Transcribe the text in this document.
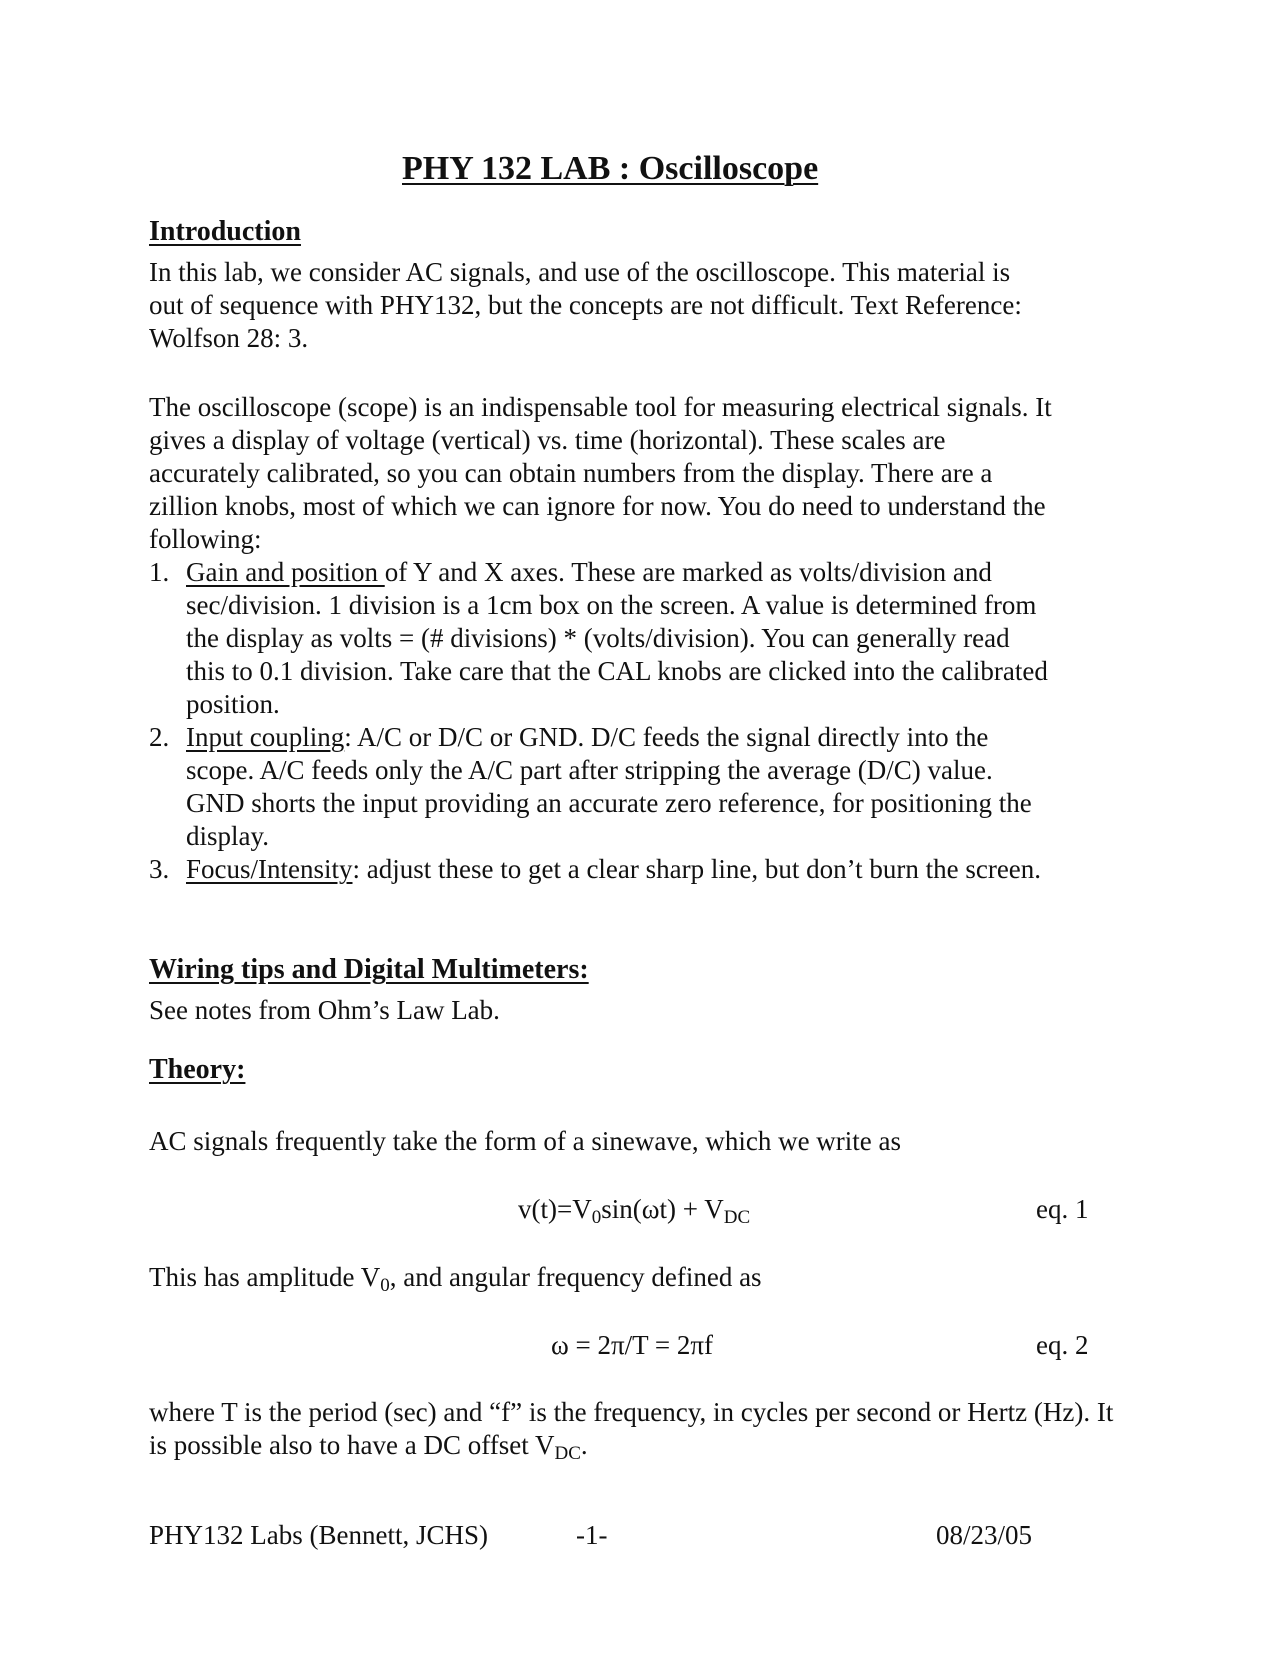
PHY 132 LAB : Oscilloscope
Introduction
In this lab, we consider AC signals, and use of the oscilloscope. This material is
out of sequence with PHY132, but the concepts are not difficult. Text Reference:
Wolfson 28: 3.
The oscilloscope (scope) is an indispensable tool for measuring electrical signals. It
gives a display of voltage (vertical) vs. time (horizontal). These scales are
accurately calibrated, so you can obtain numbers from the display. There are a
zillion knobs, most of which we can ignore for now. You do need to understand the
following:
1. Gain and position of Y and X axes. These are marked as volts/division and
sec/division. 1 division is a 1cm box on the screen. A value is determined from
the display as volts = (# divisions) * (volts/division). You can generally read
this to 0.1 division. Take care that the CAL knobs are clicked into the calibrated
position.
2. Input coupling: A/C or D/C or GND. D/C feeds the signal directly into the
scope. A/C feeds only the A/C part after stripping the average (D/C) value.
GND shorts the input providing an accurate zero reference, for positioning the
display.
3. Focus/Intensity: adjust these to get a clear sharp line, but don’t burn the screen.
Wiring tips and Digital Multimeters:
See notes from Ohm’s Law Lab.
Theory:
AC signals frequently take the form of a sinewave, which we write as
$v(t)=V_0\sin(\omega t) + V_{DC}$	eq. 1
This has amplitude $V_0$, and angular frequency defined as
ω = 2π/T = 2πf	eq. 2
where T is the period (sec) and “f” is the frequency, in cycles per second or Hertz (Hz). It
is possible also to have a DC offset $V_{DC}$.
PHY132 Labs (Bennett, JCHS)	-1-	08/23/05
